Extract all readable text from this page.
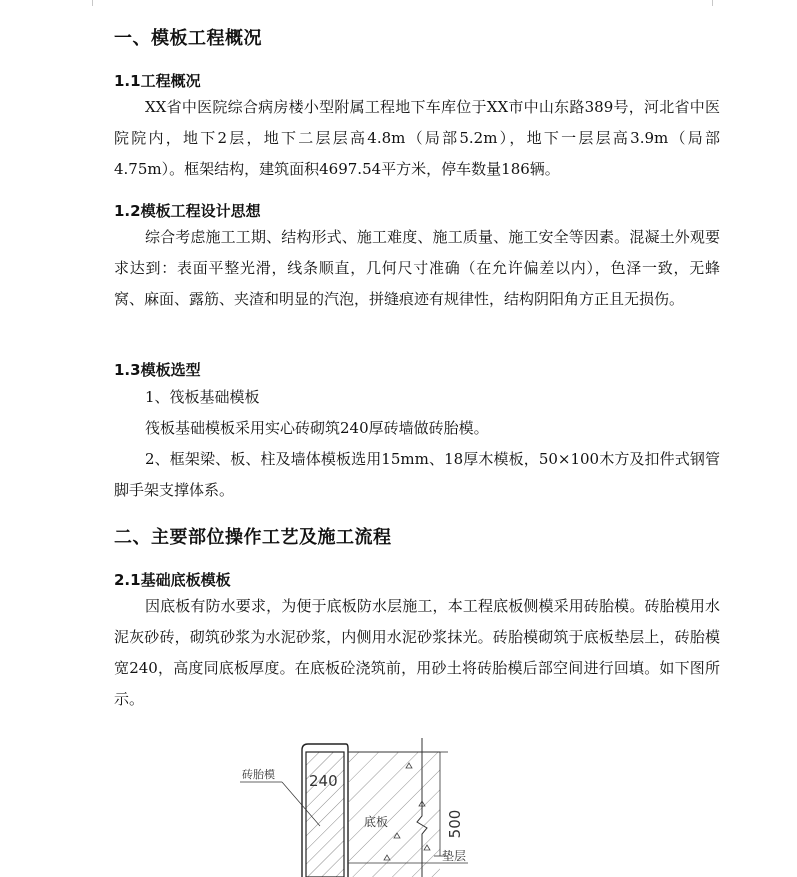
一、模板工程概况
1.1工程概况

XX省中医院综合病房楼小型附属工程地下车库位于XX市中山东路389号，河北省中医院院内，地下2层，地下二层层高4.8m（局部5.2m），地下一层层高3.9m（局部4.75m）。框架结构，建筑面积4697.54平方米，停车数量186辆。

1.2模板工程设计思想

综合考虑施工工期、结构形式、施工难度、施工质量、施工安全等因素。混凝土外观要求达到：表面平整光滑，线条顺直，几何尺寸准确（在允许偏差以内），色泽一致，无蜂窝、麻面、露筋、夹渣和明显的汽泡，拼缝痕迹有规律性，结构阴阳角方正且无损伤。

1.3模板选型

1、筏板基础模板

筏板基础模板采用实心砖砌筑240厚砖墙做砖胎模。

2、框架梁、板、柱及墙体模板选用15mm、18厚木模板，50×100木方及扣件式钢管脚手架支撑体系。

二、主要部位操作工艺及施工流程
2.1基础底板模板

因底板有防水要求，为便于底板防水层施工，本工程底板侧模采用砖胎模。砖胎模用水泥灰砂砖，砌筑砂浆为水泥砂浆，内侧用水泥砂浆抹光。砖胎模砌筑于底板垫层上，砖胎模宽240，高度同底板厚度。在底板砼浇筑前，用砂土将砖胎模后部空间进行回填。如下图所示。

500
垫层
砖胎模 240
底板
